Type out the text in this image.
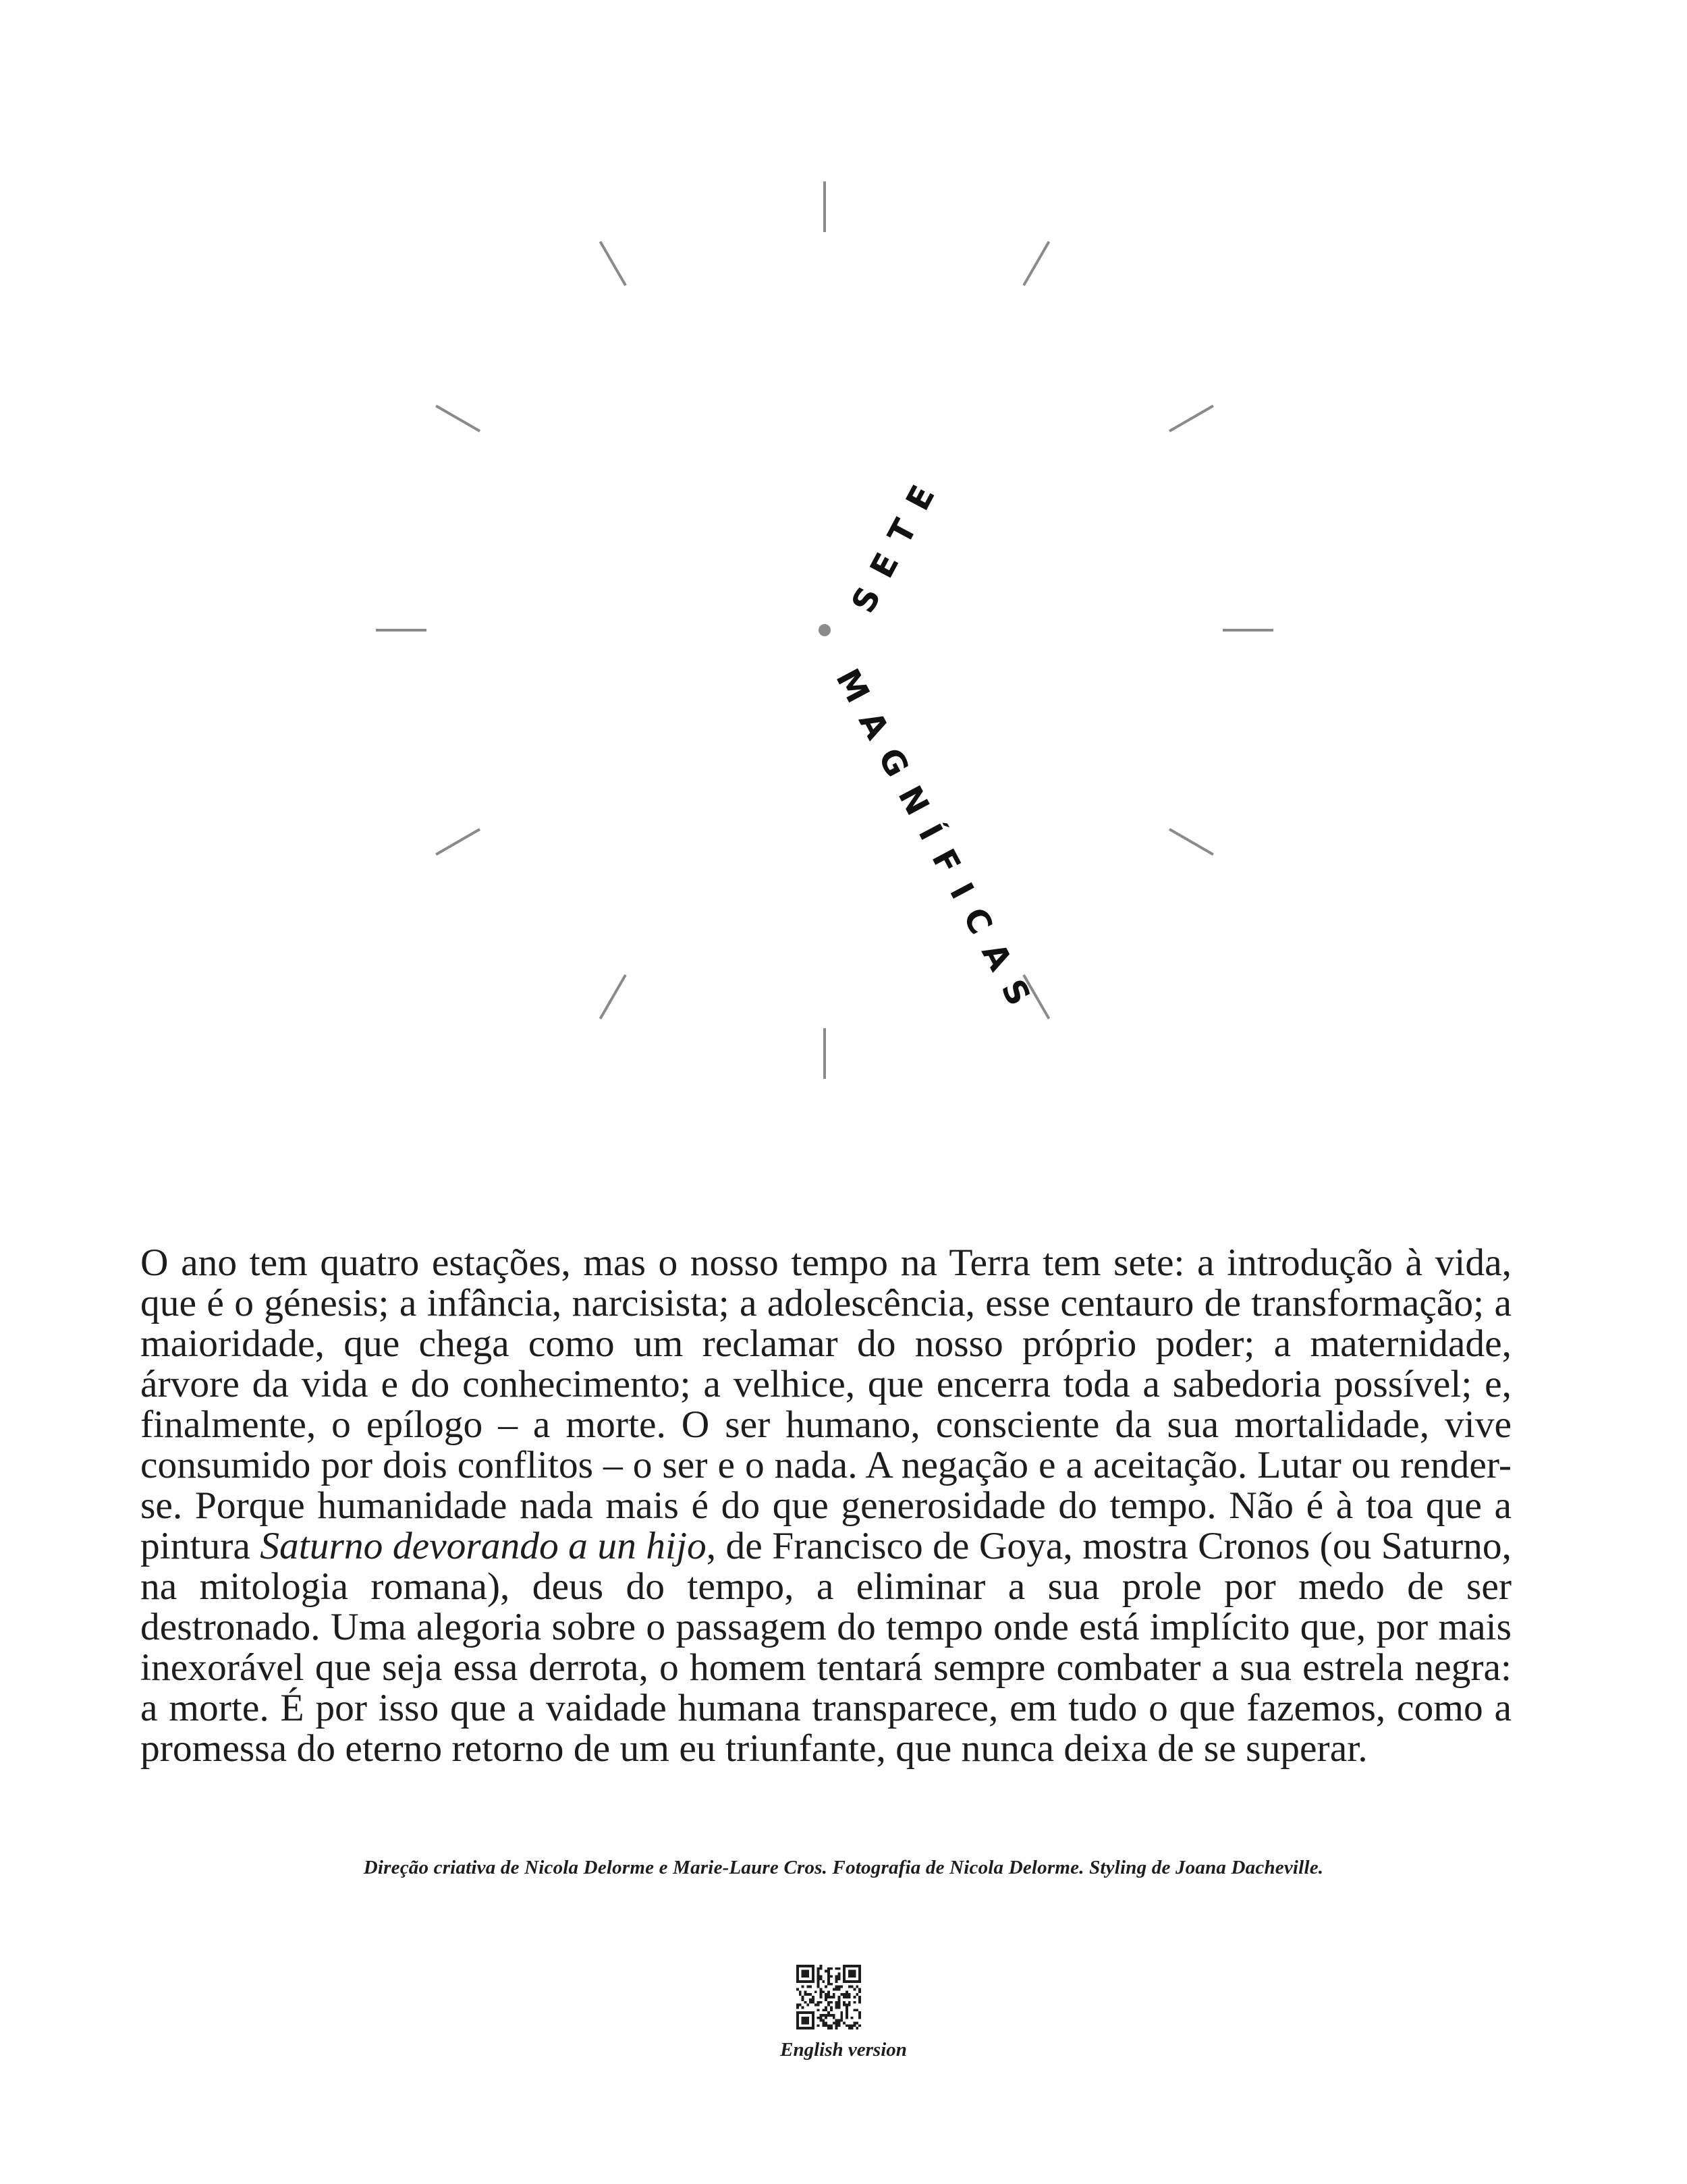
SETE
MAGNÍFICAS

O ano tem quatro estações, mas o nosso tempo na Terra tem sete: a introdução à vida, que é o génesis; a infância, narcisista; a adolescência, esse centauro de transformação; a maioridade, que chega como um reclamar do nosso próprio poder; a maternidade, árvore da vida e do conhecimento; a velhice, que encerra toda a sabedoria possível; e, finalmente, o epílogo – a morte. O ser humano, consciente da sua mortalidade, vive consumido por dois conflitos – o ser e o nada. A negação e a aceitação. Lutar ou render-se. Porque humanidade nada mais é do que generosidade do tempo. Não é à toa que a pintura Saturno devorando a un hijo, de Francisco de Goya, mostra Cronos (ou Saturno, na mitologia romana), deus do tempo, a eliminar a sua prole por medo de ser destronado. Uma alegoria sobre o passagem do tempo onde está implícito que, por mais inexorável que seja essa derrota, o homem tentará sempre combater a sua estrela negra: a morte. É por isso que a vaidade humana transparece, em tudo o que fazemos, como a promessa do eterno retorno de um eu triunfante, que nunca deixa de se superar.

Direção criativa de Nicola Delorme e Marie-Laure Cros. Fotografia de Nicola Delorme. Styling de Joana Dacheville.
English version
